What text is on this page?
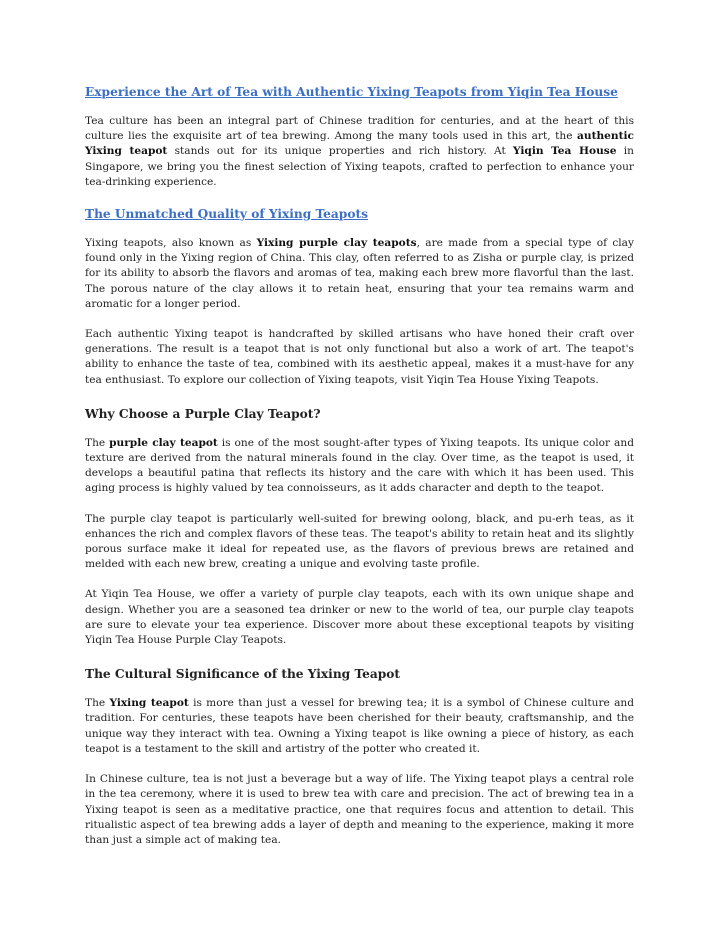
Experience the Art of Tea with Authentic Yixing Teapots from Yiqin Tea House

Tea culture has been an integral part of Chinese tradition for centuries, and at the heart of this culture lies the exquisite art of tea brewing. Among the many tools used in this art, the authentic Yixing teapot stands out for its unique properties and rich history. At Yiqin Tea House in Singapore, we bring you the finest selection of Yixing teapots, crafted to perfection to enhance your tea-drinking experience.

The Unmatched Quality of Yixing Teapots

Yixing teapots, also known as Yixing purple clay teapots, are made from a special type of clay found only in the Yixing region of China. This clay, often referred to as Zisha or purple clay, is prized for its ability to absorb the flavors and aromas of tea, making each brew more flavorful than the last. The porous nature of the clay allows it to retain heat, ensuring that your tea remains warm and aromatic for a longer period.

Each authentic Yixing teapot is handcrafted by skilled artisans who have honed their craft over generations. The result is a teapot that is not only functional but also a work of art. The teapot's ability to enhance the taste of tea, combined with its aesthetic appeal, makes it a must-have for any tea enthusiast. To explore our collection of Yixing teapots, visit Yiqin Tea House Yixing Teapots.

Why Choose a Purple Clay Teapot?

The purple clay teapot is one of the most sought-after types of Yixing teapots. Its unique color and texture are derived from the natural minerals found in the clay. Over time, as the teapot is used, it develops a beautiful patina that reflects its history and the care with which it has been used. This aging process is highly valued by tea connoisseurs, as it adds character and depth to the teapot.

The purple clay teapot is particularly well-suited for brewing oolong, black, and pu-erh teas, as it enhances the rich and complex flavors of these teas. The teapot's ability to retain heat and its slightly porous surface make it ideal for repeated use, as the flavors of previous brews are retained and melded with each new brew, creating a unique and evolving taste profile.

At Yiqin Tea House, we offer a variety of purple clay teapots, each with its own unique shape and design. Whether you are a seasoned tea drinker or new to the world of tea, our purple clay teapots are sure to elevate your tea experience. Discover more about these exceptional teapots by visiting Yiqin Tea House Purple Clay Teapots.

The Cultural Significance of the Yixing Teapot

The Yixing teapot is more than just a vessel for brewing tea; it is a symbol of Chinese culture and tradition. For centuries, these teapots have been cherished for their beauty, craftsmanship, and the unique way they interact with tea. Owning a Yixing teapot is like owning a piece of history, as each teapot is a testament to the skill and artistry of the potter who created it.

In Chinese culture, tea is not just a beverage but a way of life. The Yixing teapot plays a central role in the tea ceremony, where it is used to brew tea with care and precision. The act of brewing tea in a Yixing teapot is seen as a meditative practice, one that requires focus and attention to detail. This ritualistic aspect of tea brewing adds a layer of depth and meaning to the experience, making it more than just a simple act of making tea.
